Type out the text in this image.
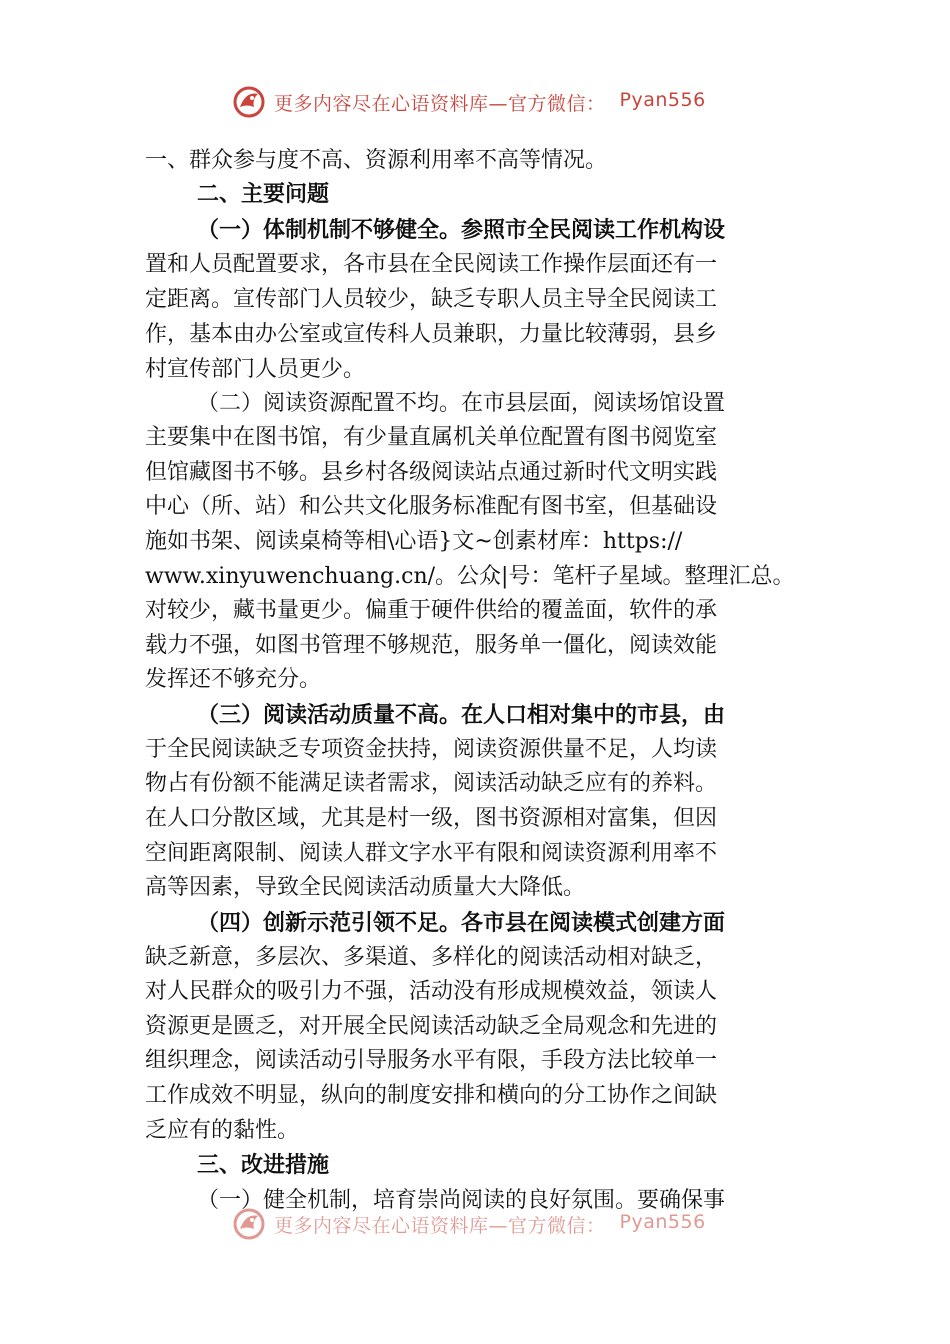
更多内容尽在心语资料库—官方微信： Pyan556
一、群众参与度不高、资源利用率不高等情况。
二、主要问题
（一）体制机制不够健全。参照市全民阅读工作机构设
置和人员配置要求，各市县在全民阅读工作操作层面还有一
定距离。宣传部门人员较少，缺乏专职人员主导全民阅读工
作，基本由办公室或宣传科人员兼职，力量比较薄弱，县乡
村宣传部门人员更少。
（二）阅读资源配置不均。在市县层面，阅读场馆设置
主要集中在图书馆，有少量直属机关单位配置有图书阅览室
但馆藏图书不够。县乡村各级阅读站点通过新时代文明实践
中心（所、站）和公共文化服务标准配有图书室，但基础设
施如书架、阅读桌椅等相\心语}文~创素材库：https://
www.xinyuwenchuang.cn/。公众|号：笔杆子星域。整理汇总。
对较少，藏书量更少。偏重于硬件供给的覆盖面，软件的承
载力不强，如图书管理不够规范，服务单一僵化，阅读效能
发挥还不够充分。
（三）阅读活动质量不高。在人口相对集中的市县，由
于全民阅读缺乏专项资金扶持，阅读资源供量不足，人均读
物占有份额不能满足读者需求，阅读活动缺乏应有的养料。
在人口分散区域，尤其是村一级，图书资源相对富集，但因
空间距离限制、阅读人群文字水平有限和阅读资源利用率不
高等因素，导致全民阅读活动质量大大降低。
（四）创新示范引领不足。各市县在阅读模式创建方面
缺乏新意，多层次、多渠道、多样化的阅读活动相对缺乏，
对人民群众的吸引力不强，活动没有形成规模效益，领读人
资源更是匮乏，对开展全民阅读活动缺乏全局观念和先进的
组织理念，阅读活动引导服务水平有限，手段方法比较单一
工作成效不明显，纵向的制度安排和横向的分工协作之间缺
乏应有的黏性。
三、改进措施
（一）健全机制，培育崇尚阅读的良好氛围。要确保事
更多内容尽在心语资料库—官方微信： Pyan556
